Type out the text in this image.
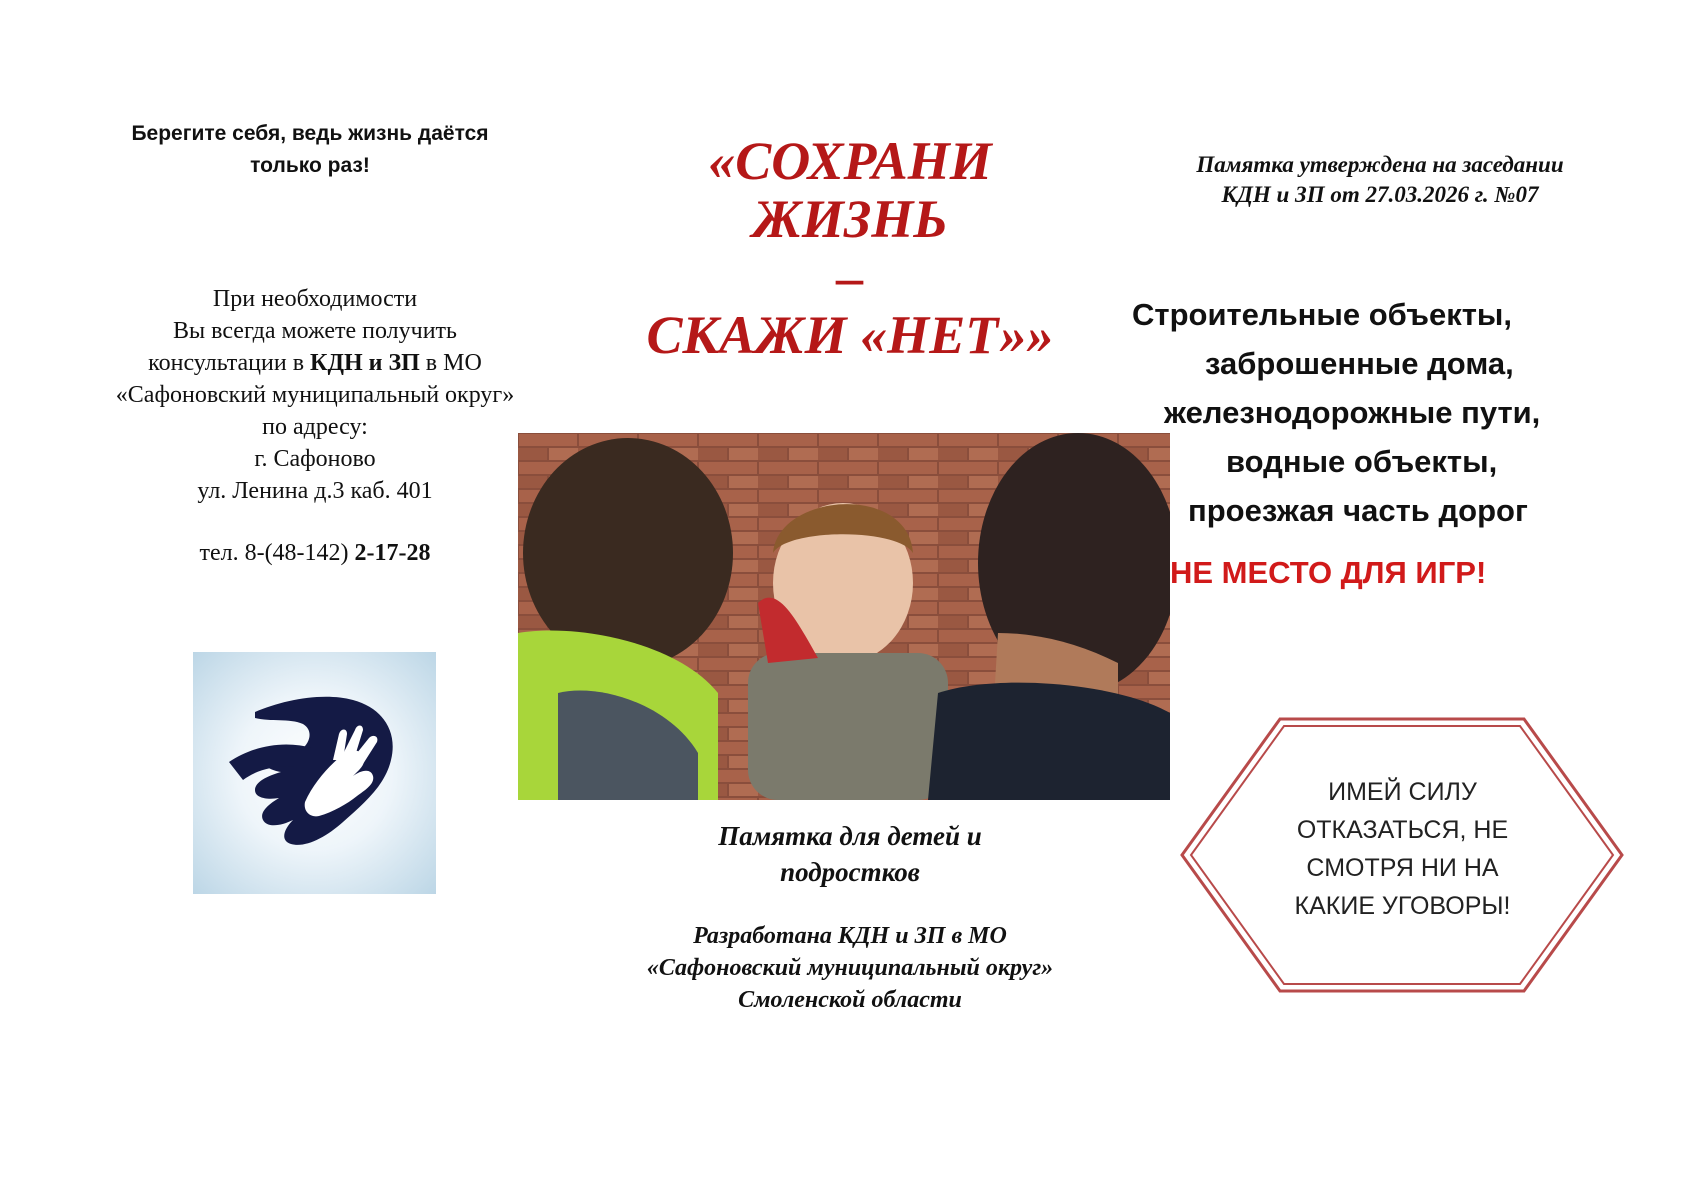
Берегите себя, ведь жизнь даётся
только раз!
При необходимости
Вы всегда можете получить
консультации в КДН и ЗП в МО
«Сафоновский муниципальный округ»
по адресу:
г. Сафоново
ул. Ленина д.3 каб. 401
тел. 8-(48-142) 2-17-28
«СОХРАНИ
ЖИЗНЬ
–
СКАЖИ «НЕТ»»
Памятка для детей и
подростков
Разработана КДН и ЗП в МО
«Сафоновский муниципальный округ»
Смоленской области
Памятка утверждена на заседании
КДН и ЗП от 27.03.2026 г. №07
Строительные объекты,
заброшенные дома,
железнодорожные пути,
водные объекты,
проезжая часть дорог
НЕ МЕСТО ДЛЯ ИГР!
ИМЕЙ СИЛУ
ОТКАЗАТЬСЯ, НЕ
СМОТРЯ НИ НА
КАКИЕ УГОВОРЫ!
